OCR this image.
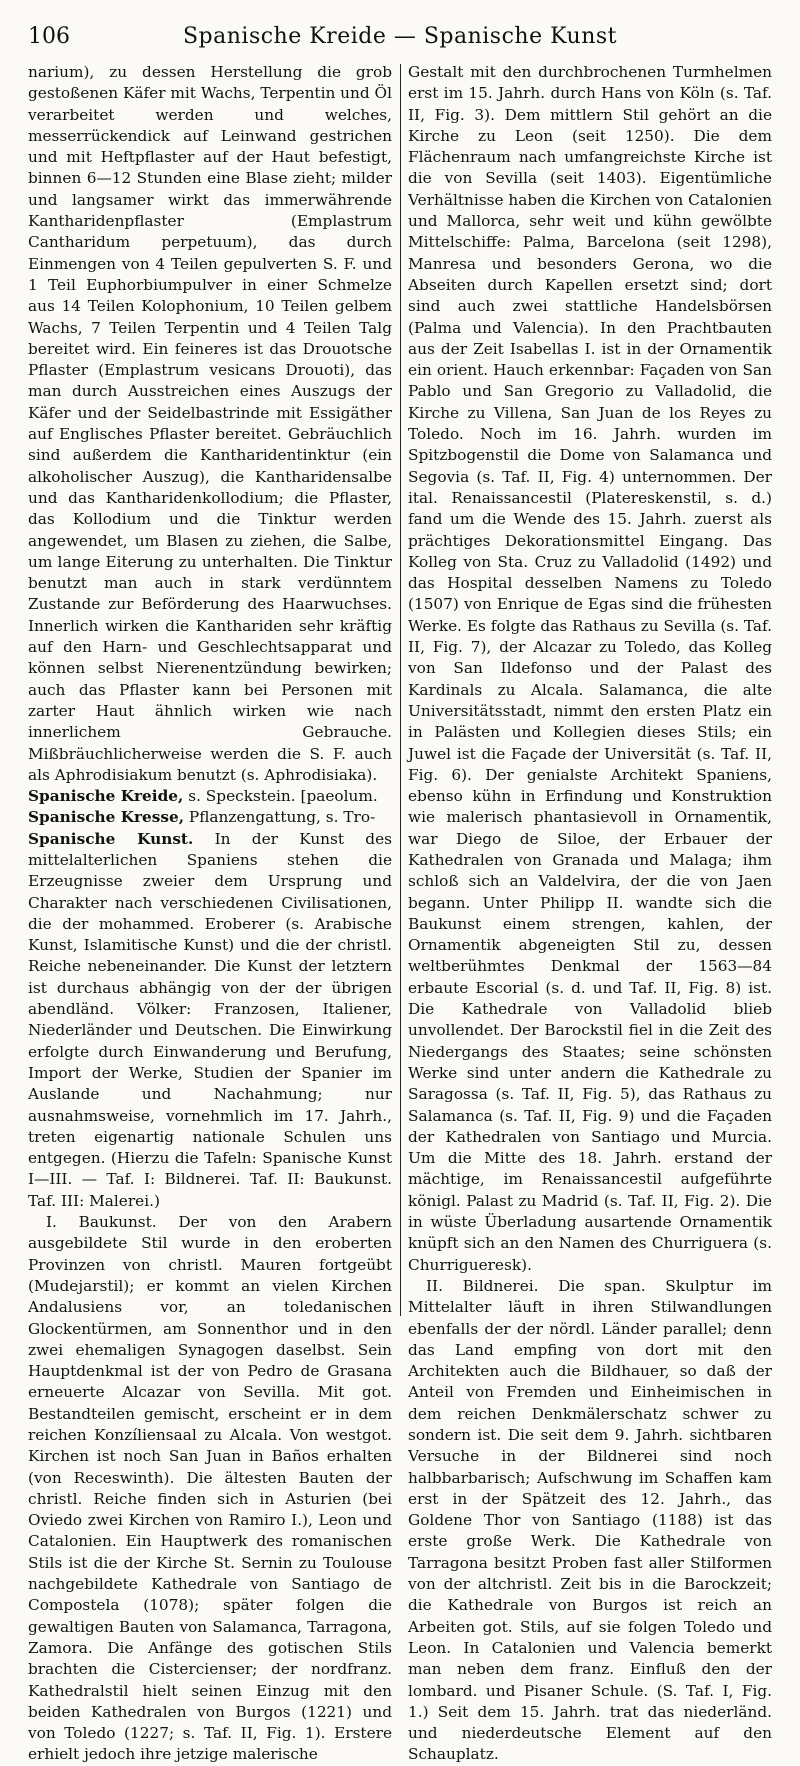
106	Spanische Kreide — Spanische Kunst

narium), zu dessen Herstellung die grob gestoßenen Käfer mit Wachs, Terpentin und Öl verarbeitet werden und welches, messerrückendick auf Leinwand gestrichen und mit Heftpflaster auf der Haut befestigt, binnen 6—12 Stunden eine Blase zieht; milder und langsamer wirkt das immerwährende Kantharidenpflaster (Emplastrum Cantharidum perpetuum), das durch Einmengen von 4 Teilen gepulverten S. F. und 1 Teil Euphorbiumpulver in einer Schmelze aus 14 Teilen Kolophonium, 10 Teilen gelbem Wachs, 7 Teilen Terpentin und 4 Teilen Talg bereitet wird. Ein feineres ist das Drouotsche Pflaster (Emplastrum vesicans Drouoti), das man durch Ausstreichen eines Auszugs der Käfer und der Seidelbastrinde mit Essigäther auf Englisches Pflaster bereitet. Gebräuchlich sind außerdem die Kantharidentinktur (ein alkoholischer Auszug), die Kantharidensalbe und das Kantharidenkollodium; die Pflaster, das Kollodium und die Tinktur werden angewendet, um Blasen zu ziehen, die Salbe, um lange Eiterung zu unterhalten. Die Tinktur benutzt man auch in stark verdünntem Zustande zur Beförderung des Haarwuchses. Innerlich wirken die Kanthariden sehr kräftig auf den Harn- und Geschlechtsapparat und können selbst Nierenentzündung bewirken; auch das Pflaster kann bei Personen mit zarter Haut ähnlich wirken wie nach innerlichem Gebrauche. Mißbräuchlicherweise werden die S. F. auch als Aphrodisiakum benutzt (s. Aphrodisiaka).

Spanische Kreide, s. Speckstein. [paeolum.

Spanische Kresse, Pflanzengattung, s. Tro-

Spanische Kunst. In der Kunst des mittelalterlichen Spaniens stehen die Erzeugnisse zweier dem Ursprung und Charakter nach verschiedenen Civilisationen, die der mohammed. Eroberer (s. Arabische Kunst, Islamitische Kunst) und die der christl. Reiche nebeneinander. Die Kunst der letztern ist durchaus abhängig von der der übrigen abendländ. Völker: Franzosen, Italiener, Niederländer und Deutschen. Die Einwirkung erfolgte durch Einwanderung und Berufung, Import der Werke, Studien der Spanier im Auslande und Nachahmung; nur ausnahmsweise, vornehmlich im 17. Jahrh., treten eigenartig nationale Schulen uns entgegen. (Hierzu die Tafeln: Spanische Kunst I—III. — Taf. I: Bildnerei. Taf. II: Baukunst. Taf. III: Malerei.)

I. Baukunst. Der von den Arabern ausgebildete Stil wurde in den eroberten Provinzen von christl. Mauren fortgeübt (Mudejarstil); er kommt an vielen Kirchen Andalusiens vor, an toledanischen Glockentürmen, am Sonnenthor und in den zwei ehemaligen Synagogen daselbst. Sein Hauptdenkmal ist der von Pedro de Grasana erneuerte Alcazar von Sevilla. Mit got. Bestandteilen gemischt, erscheint er in dem reichen Konzíliensaal zu Alcala. Von westgot. Kirchen ist noch San Juan in Baños erhalten (von Receswinth). Die ältesten Bauten der christl. Reiche finden sich in Asturien (bei Oviedo zwei Kirchen von Ramiro I.), Leon und Catalonien. Ein Hauptwerk des romanischen Stils ist die der Kirche St. Sernin zu Toulouse nachgebildete Kathedrale von Santiago de Compostela (1078); später folgen die gewaltigen Bauten von Salamanca, Tarragona, Zamora. Die Anfänge des gotischen Stils brachten die Cistercienser; der nordfranz. Kathedralstil hielt seinen Einzug mit den beiden Kathedralen von Burgos (1221) und von Toledo (1227; s. Taf. II, Fig. 1). Erstere erhielt jedoch ihre jetzige malerische

Gestalt mit den durchbrochenen Turmhelmen erst im 15. Jahrh. durch Hans von Köln (s. Taf. II, Fig. 3). Dem mittlern Stil gehört an die Kirche zu Leon (seit 1250). Die dem Flächenraum nach umfangreichste Kirche ist die von Sevilla (seit 1403). Eigentümliche Verhältnisse haben die Kirchen von Catalonien und Mallorca, sehr weit und kühn gewölbte Mittelschiffe: Palma, Barcelona (seit 1298), Manresa und besonders Gerona, wo die Abseiten durch Kapellen ersetzt sind; dort sind auch zwei stattliche Handelsbörsen (Palma und Valencia). In den Prachtbauten aus der Zeit Isabellas I. ist in der Ornamentik ein orient. Hauch erkennbar: Façaden von San Pablo und San Gregorio zu Valladolid, die Kirche zu Villena, San Juan de los Reyes zu Toledo. Noch im 16. Jahrh. wurden im Spitzbogenstil die Dome von Salamanca und Segovia (s. Taf. II, Fig. 4) unternommen. Der ital. Renaissancestil (Platereskenstil, s. d.) fand um die Wende des 15. Jahrh. zuerst als prächtiges Dekorationsmittel Eingang. Das Kolleg von Sta. Cruz zu Valladolid (1492) und das Hospital desselben Namens zu Toledo (1507) von Enrique de Egas sind die frühesten Werke. Es folgte das Rathaus zu Sevilla (s. Taf. II, Fig. 7), der Alcazar zu Toledo, das Kolleg von San Ildefonso und der Palast des Kardinals zu Alcala. Salamanca, die alte Universitätsstadt, nimmt den ersten Platz ein in Palästen und Kollegien dieses Stils; ein Juwel ist die Façade der Universität (s. Taf. II, Fig. 6). Der genialste Architekt Spaniens, ebenso kühn in Erfindung und Konstruktion wie malerisch phantasievoll in Ornamentik, war Diego de Siloe, der Erbauer der Kathedralen von Granada und Malaga; ihm schloß sich an Valdelvira, der die von Jaen begann. Unter Philipp II. wandte sich die Baukunst einem strengen, kahlen, der Ornamentik abgeneigten Stil zu, dessen weltberühmtes Denkmal der 1563—84 erbaute Escorial (s. d. und Taf. II, Fig. 8) ist. Die Kathedrale von Valladolid blieb unvollendet. Der Barockstil fiel in die Zeit des Niedergangs des Staates; seine schönsten Werke sind unter andern die Kathedrale zu Saragossa (s. Taf. II, Fig. 5), das Rathaus zu Salamanca (s. Taf. II, Fig. 9) und die Façaden der Kathedralen von Santiago und Murcia. Um die Mitte des 18. Jahrh. erstand der mächtige, im Renaissancestil aufgeführte königl. Palast zu Madrid (s. Taf. II, Fig. 2). Die in wüste Überladung ausartende Ornamentik knüpft sich an den Namen des Churriguera (s. Churrigueresk).

II. Bildnerei. Die span. Skulptur im Mittelalter läuft in ihren Stilwandlungen ebenfalls der der nördl. Länder parallel; denn das Land empfing von dort mit den Architekten auch die Bildhauer, so daß der Anteil von Fremden und Einheimischen in dem reichen Denkmälerschatz schwer zu sondern ist. Die seit dem 9. Jahrh. sichtbaren Versuche in der Bildnerei sind noch halbbarbarisch; Aufschwung im Schaffen kam erst in der Spätzeit des 12. Jahrh., das Goldene Thor von Santiago (1188) ist das erste große Werk. Die Kathedrale von Tarragona besitzt Proben fast aller Stilformen von der altchristl. Zeit bis in die Barockzeit; die Kathedrale von Burgos ist reich an Arbeiten got. Stils, auf sie folgen Toledo und Leon. In Catalonien und Valencia bemerkt man neben dem franz. Einfluß den der lombard. und Pisaner Schule. (S. Taf. I, Fig. 1.) Seit dem 15. Jahrh. trat das niederländ. und niederdeutsche Element auf den Schauplatz.
